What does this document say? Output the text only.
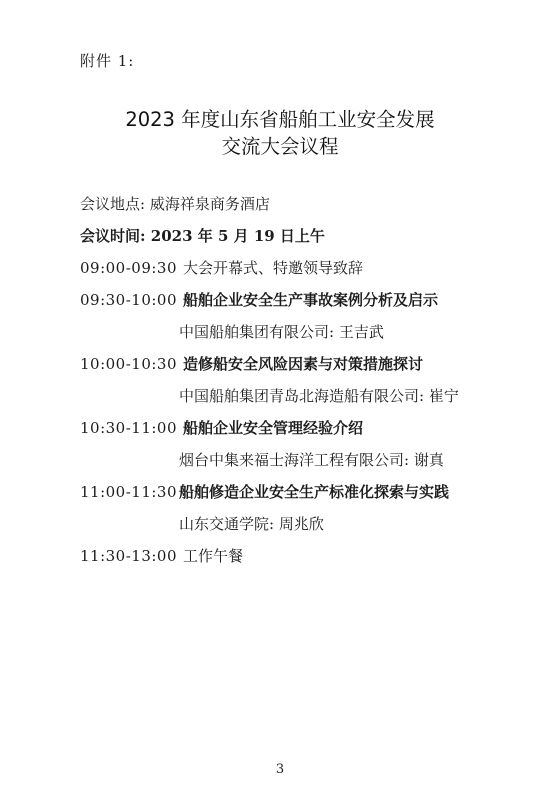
附件 1:
2023 年度山东省船舶工业安全发展
交流大会议程
会议地点: 威海祥泉商务酒店
会议时间: 2023 年 5 月 19 日上午
09:00-09:30 大会开幕式、特邀领导致辞
09:30-10:00 船舶企业安全生产事故案例分析及启示
中国船舶集团有限公司: 王吉武
10:00-10:30 造修船安全风险因素与对策措施探讨
中国船舶集团青岛北海造船有限公司: 崔宁
10:30-11:00 船舶企业安全管理经验介绍
烟台中集来福士海洋工程有限公司: 谢真
11:00-11:30 船舶修造企业安全生产标准化探索与实践
山东交通学院: 周兆欣
11:30-13:00 工作午餐
3
